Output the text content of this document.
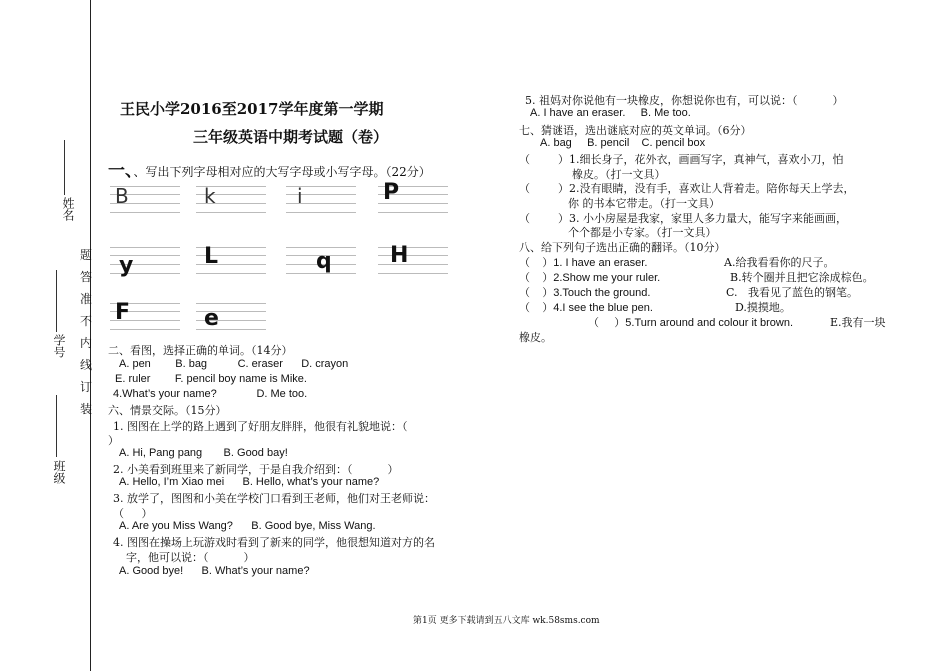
姓名
学号
班级
题
答
准
不
内
线
订
装
王民小学2016至2017学年度第一学期
三年级英语中期考试题（卷）
一、、写出下列字母相对应的大写字母或小写字母。（22分）
B	k	i	P
y	L	q	H
F	e
二、看图，选择正确的单词。（14分）
A. pen        B. bag          C. eraser      D. crayon
E. ruler        F. pencil boy name is Mike.
4.What’s your name?             D. Me too.
六、情景交际。（15分）
1. 图图在上学的路上遇到了好朋友胖胖，他很有礼貌地说：（
）
A. Hi, Pang pang       B. Good bay!
2. 小美看到班里来了新同学，于是自我介绍到：（          ）
A. Hello, I’m Xiao mei      B. Hello, what’s your name?
3. 放学了，图图和小美在学校门口看到王老师，他们对王老师说：
（     ）
A. Are you Miss Wang?      B. Good bye, Miss Wang.
4. 图图在操场上玩游戏时看到了新来的同学，他很想知道对方的名
字，他可以说：（          ）
A. Good bye!      B. What’s your name?
5. 祖妈对你说他有一块橡皮，你想说你也有，可以说：（          ）
A. I have an eraser.     B. Me too.
七、猜谜语，选出谜底对应的英文单词。（6分）
A. bag     B. pencil    C. pencil box
（        ）1.细长身子，花外衣，画画写字，真神气，喜欢小刀，怕
橡皮。（打一文具）
（        ）2.没有眼睛，没有手，喜欢让人背着走。陪你每天上学去，
你 的书本它带走。（打一文具）
（        ）3. 小小房屋是我家，家里人多力量大，能写字来能画画，
个个都是小专家。（打一文具）
八、给下列句子选出正确的翻译。（10分）
（    ）1. I have an eraser.	A.给我看看你的尺子。
（    ）2.Show me your ruler.	B.转个圈并且把它涂成棕色。
（    ）3.Touch the ground.	C.   我看见了蓝色的钢笔。
（    ）4.I see the blue pen.	D.摸摸地。
（     ）5.Turn around and colour it brown.	E.我有一块
橡皮。
第1页 更多下载请到五八文库 wk.58sms.com
